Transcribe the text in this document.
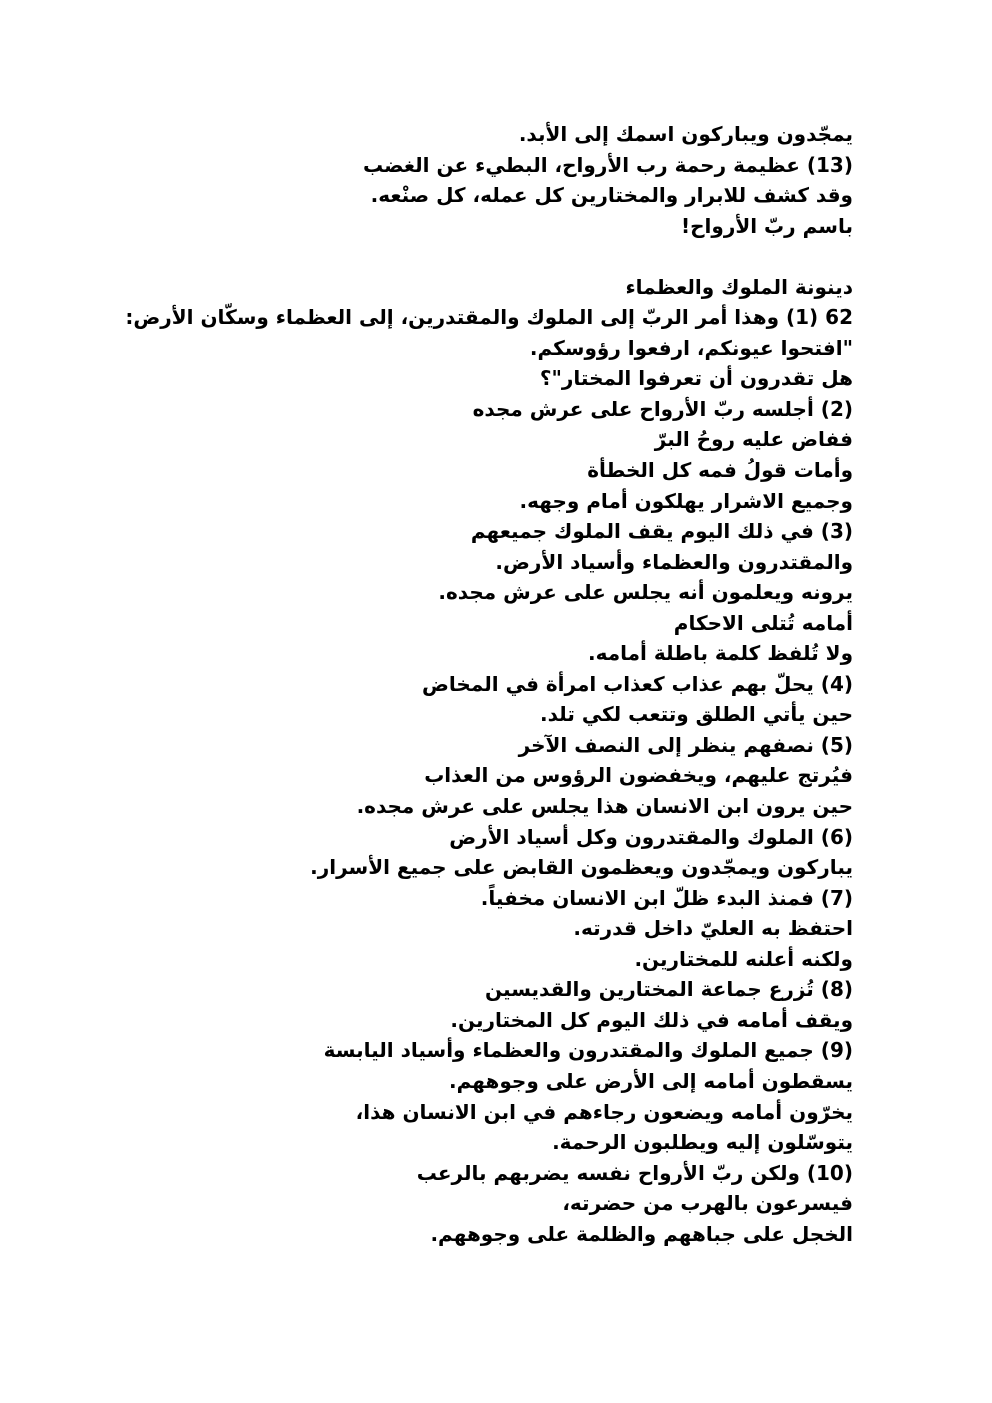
يمجّدون ويباركون اسمك إلى الأبد.
(13) عظيمة رحمة رب الأرواح، البطيء عن الغضب
وقد كشف للابرار والمختارين كل عمله، كل صنْعه.
باسم ربّ الأرواح!
دينونة الملوك والعظماء
62 (1) وهذا أمر الربّ إلى الملوك والمقتدرين، إلى العظماء وسكّان الأرض:
"افتحوا عيونكم، ارفعوا رؤوسكم.
هل تقدرون أن تعرفوا المختار"؟
(2) أجلسه ربّ الأرواح على عرش مجده
ففاض عليه روحُ البرّ
وأمات قولُ فمه كل الخطأة
وجميع الاشرار يهلكون أمام وجهه.
(3) في ذلك اليوم يقف الملوك جميعهم
والمقتدرون والعظماء وأسياد الأرض.
يرونه ويعلمون أنه يجلس على عرش مجده.
أمامه تُتلى الاحكام
ولا تُلفظ كلمة باطلة أمامه.
(4) يحلّ بهم عذاب كعذاب امرأة في المخاض
حين يأتي الطلق وتتعب لكي تلد.
(5) نصفهم ينظر إلى النصف الآخر
فيُرتج عليهم، ويخفضون الرؤوس من العذاب
حين يرون ابن الانسان هذا يجلس على عرش مجده.
(6) الملوك والمقتدرون وكل أسياد الأرض
يباركون ويمجّدون ويعظمون القابض على جميع الأسرار.
(7) فمنذ البدء ظلّ ابن الانسان مخفياً.
احتفظ به العليّ داخل قدرته.
ولكنه أعلنه للمختارين.
(8) تُزرع جماعة المختارين والقديسين
ويقف أمامه في ذلك اليوم كل المختارين.
(9) جميع الملوك والمقتدرون والعظماء وأسياد اليابسة
يسقطون أمامه إلى الأرض على وجوههم.
يخرّون أمامه ويضعون رجاءهم في ابن الانسان هذا،
يتوسّلون إليه ويطلبون الرحمة.
(10) ولكن ربّ الأرواح نفسه يضربهم بالرعب
فيسرعون بالهرب من حضرته،
الخجل على جباههم والظلمة على وجوههم.
